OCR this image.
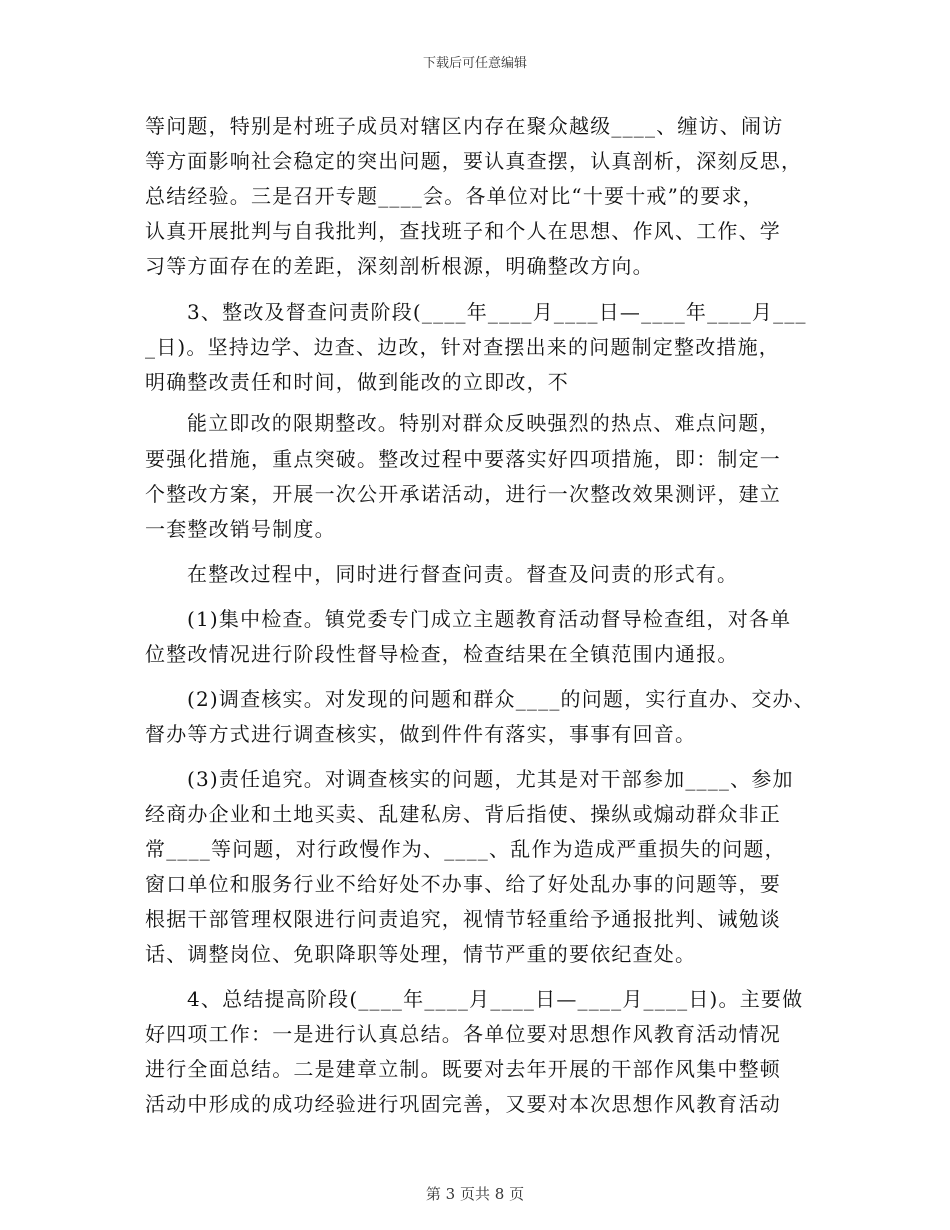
下载后可任意编辑
等问题，特别是村班子成员对辖区内存在聚众越级____、缠访、闹访
等方面影响社会稳定的突出问题，要认真查摆，认真剖析，深刻反思，
总结经验。三是召开专题____会。各单位对比“十要十戒”的要求，
认真开展批判与自我批判，查找班子和个人在思想、作风、工作、学
习等方面存在的差距，深刻剖析根源，明确整改方向。
3、整改及督查问责阶段(____年____月____日—____年____月___
_日)。坚持边学、边查、边改，针对查摆出来的问题制定整改措施，
明确整改责任和时间，做到能改的立即改，不
能立即改的限期整改。特别对群众反映强烈的热点、难点问题，
要强化措施，重点突破。整改过程中要落实好四项措施，即：制定一
个整改方案，开展一次公开承诺活动，进行一次整改效果测评，建立
一套整改销号制度。
在整改过程中，同时进行督查问责。督查及问责的形式有。
(1)集中检查。镇党委专门成立主题教育活动督导检查组，对各单
位整改情况进行阶段性督导检查，检查结果在全镇范围内通报。
(2)调查核实。对发现的问题和群众____的问题，实行直办、交办、
督办等方式进行调查核实，做到件件有落实，事事有回音。
(3)责任追究。对调查核实的问题，尤其是对干部参加____、参加
经商办企业和土地买卖、乱建私房、背后指使、操纵或煽动群众非正
常____等问题，对行政慢作为、____、乱作为造成严重损失的问题，
窗口单位和服务行业不给好处不办事、给了好处乱办事的问题等，要
根据干部管理权限进行问责追究，视情节轻重给予通报批判、诫勉谈
话、调整岗位、免职降职等处理，情节严重的要依纪查处。
4、总结提高阶段(____年____月____日—____月____日)。主要做
好四项工作：一是进行认真总结。各单位要对思想作风教育活动情况
进行全面总结。二是建章立制。既要对去年开展的干部作风集中整顿
活动中形成的成功经验进行巩固完善，又要对本次思想作风教育活动
第 3 页共 8 页
